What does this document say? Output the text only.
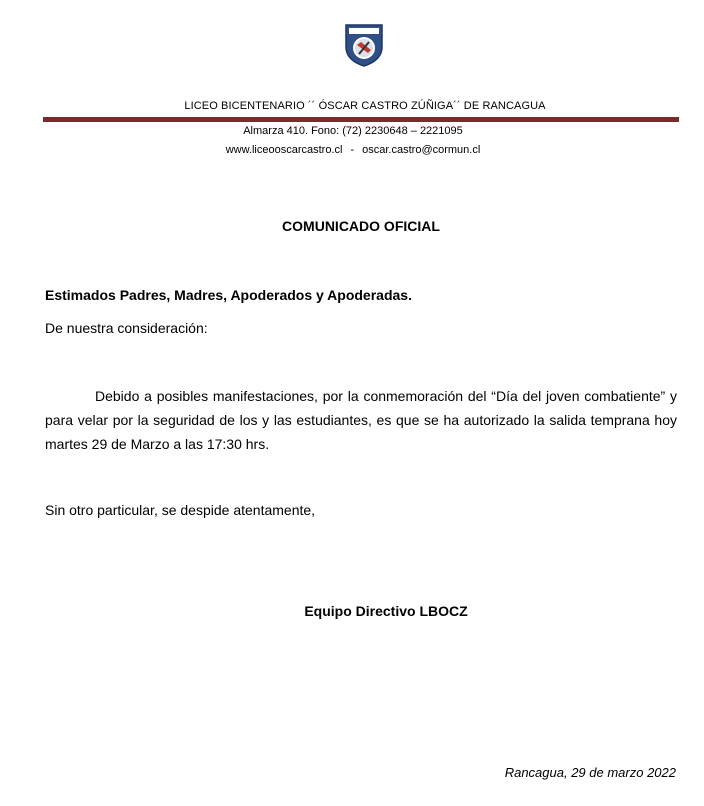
LICEO BICENTENARIO ´´ ÓSCAR CASTRO ZÚÑIGA´´ DE RANCAGUA
Almarza 410. Fono: (72) 2230648 – 2221095
www.liceooscarcastro.cl - oscar.castro@cormun.cl
COMUNICADO OFICIAL
Estimados Padres, Madres, Apoderados y Apoderadas.
De nuestra consideración:
Debido a posibles manifestaciones, por la conmemoración del “Día del joven combatiente” y para velar por la seguridad de los y las estudiantes, es que se ha autorizado la salida temprana hoy martes 29 de Marzo a las 17:30 hrs.
Sin otro particular, se despide atentamente,
Equipo Directivo LBOCZ
Rancagua, 29 de marzo 2022
